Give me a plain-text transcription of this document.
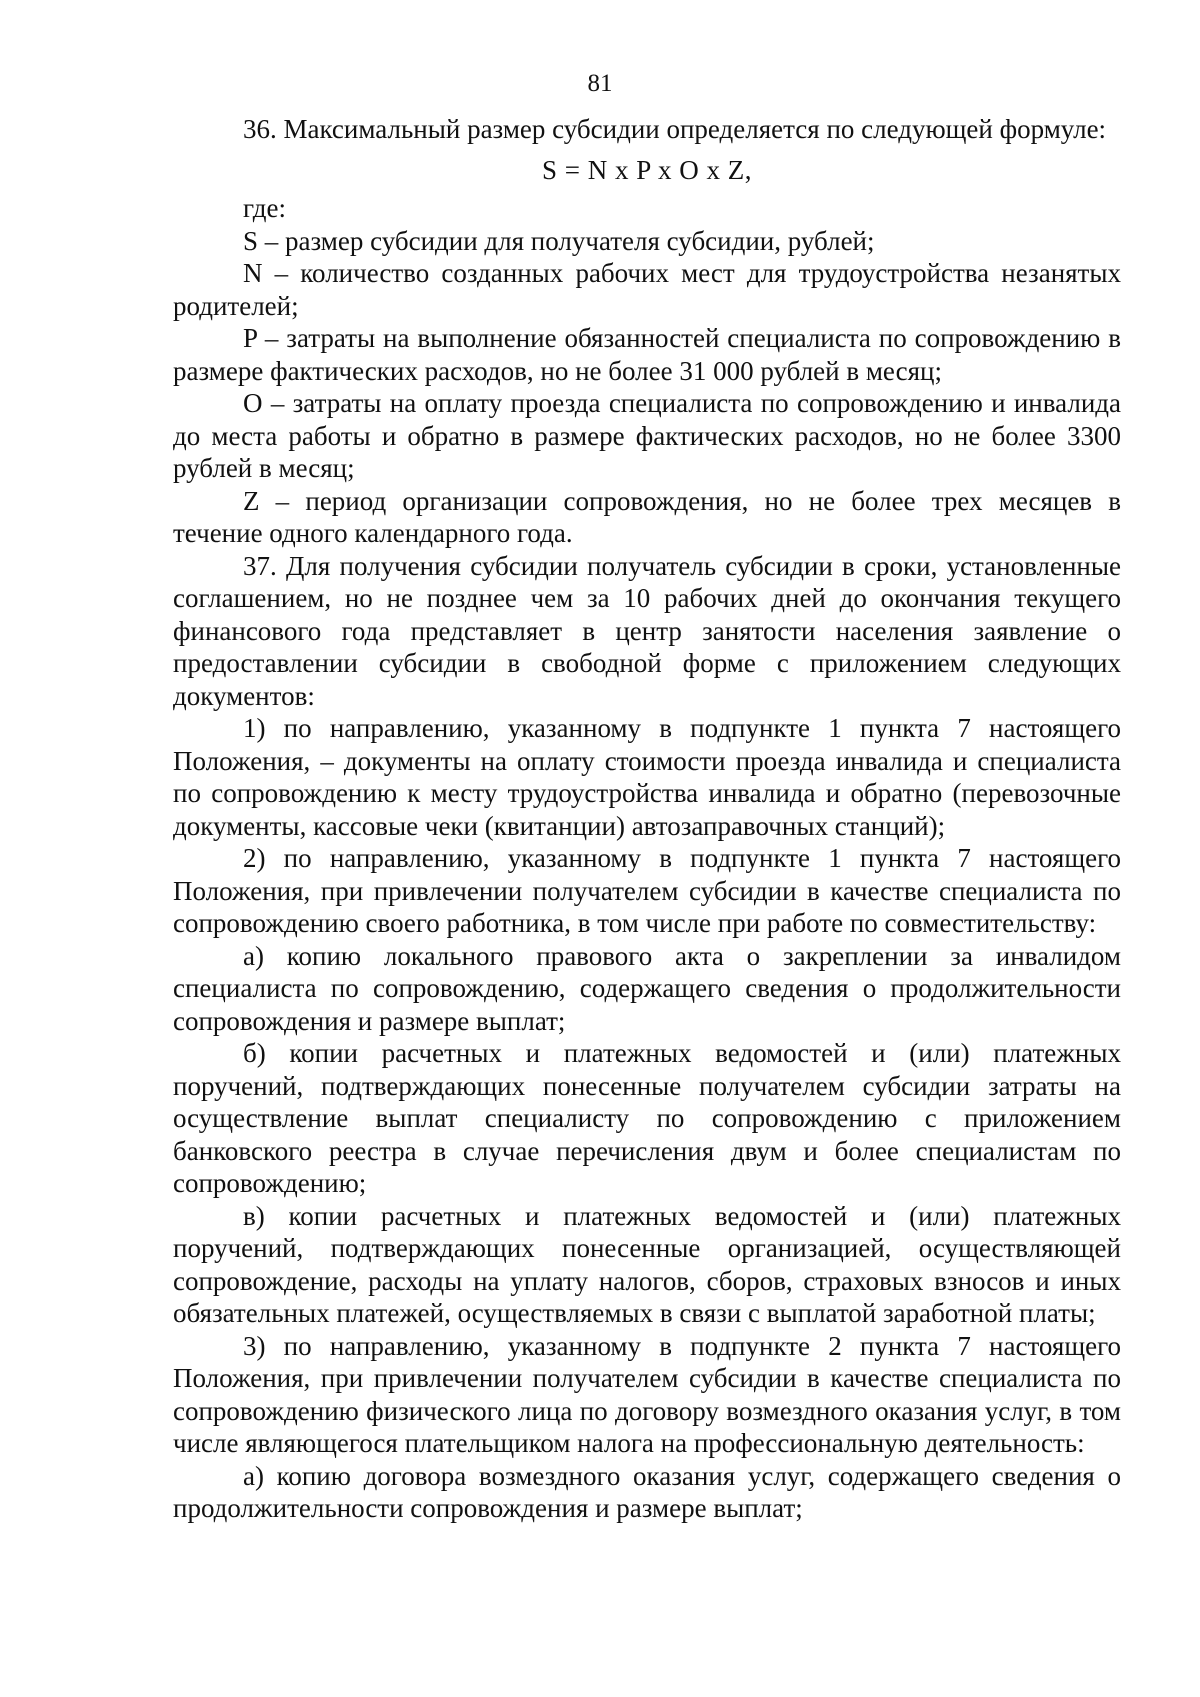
81

36. Максимальный размер субсидии определяется по следующей формуле:

S = N x P x O x Z,

где:

S – размер субсидии для получателя субсидии, рублей;

N – количество созданных рабочих мест для трудоустройства незанятых родителей;

P – затраты на выполнение обязанностей специалиста по сопровождению в размере фактических расходов, но не более 31 000 рублей в месяц;

O – затраты на оплату проезда специалиста по сопровождению и инвалида до места работы и обратно в размере фактических расходов, но не более 3300 рублей в месяц;

Z – период организации сопровождения, но не более трех месяцев в течение одного календарного года.

37. Для получения субсидии получатель субсидии в сроки, установленные соглашением, но не позднее чем за 10 рабочих дней до окончания текущего финансового года представляет в центр занятости населения заявление о предоставлении субсидии в свободной форме с приложением следующих документов:

1) по направлению, указанному в подпункте 1 пункта 7 настоящего Положения, – документы на оплату стоимости проезда инвалида и специалиста по сопровождению к месту трудоустройства инвалида и обратно (перевозочные документы, кассовые чеки (квитанции) автозаправочных станций);

2) по направлению, указанному в подпункте 1 пункта 7 настоящего Положения, при привлечении получателем субсидии в качестве специалиста по сопровождению своего работника, в том числе при работе по совместительству:

а) копию локального правового акта о закреплении за инвалидом специалиста по сопровождению, содержащего сведения о продолжительности сопровождения и размере выплат;

б) копии расчетных и платежных ведомостей и (или) платежных поручений, подтверждающих понесенные получателем субсидии затраты на осуществление выплат специалисту по сопровождению с приложением банковского реестра в случае перечисления двум и более специалистам по сопровождению;

в) копии расчетных и платежных ведомостей и (или) платежных поручений, подтверждающих понесенные организацией, осуществляющей сопровождение, расходы на уплату налогов, сборов, страховых взносов и иных обязательных платежей, осуществляемых в связи с выплатой заработной платы;

3) по направлению, указанному в подпункте 2 пункта 7 настоящего Положения, при привлечении получателем субсидии в качестве специалиста по сопровождению физического лица по договору возмездного оказания услуг, в том числе являющегося плательщиком налога на профессиональную деятельность:

а) копию договора возмездного оказания услуг, содержащего сведения о продолжительности сопровождения и размере выплат;
